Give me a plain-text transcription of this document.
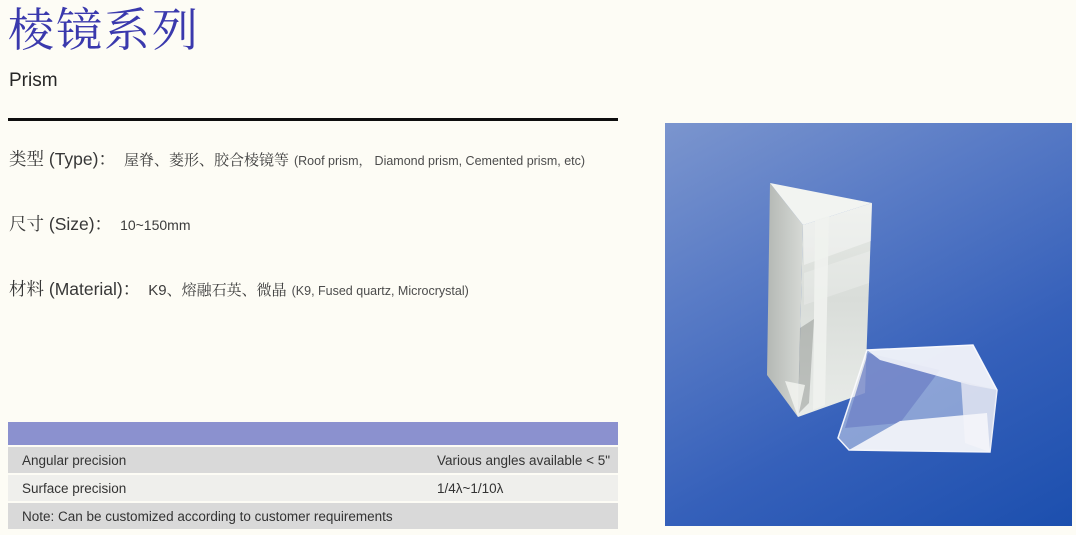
棱镜系列
Prism
类型 (Type)： 屋脊、菱形、胶合棱镜等 (Roof prism， Diamond prism, Cemented prism, etc)
尺寸 (Size)： 10~150mm
材料 (Material)： K9、熔融石英、微晶 (K9, Fused quartz, Microcrystal)
Angular precision	Various angles available < 5"
Surface precision	1/4λ~1/10λ
Note: Can be customized according to customer requirements
